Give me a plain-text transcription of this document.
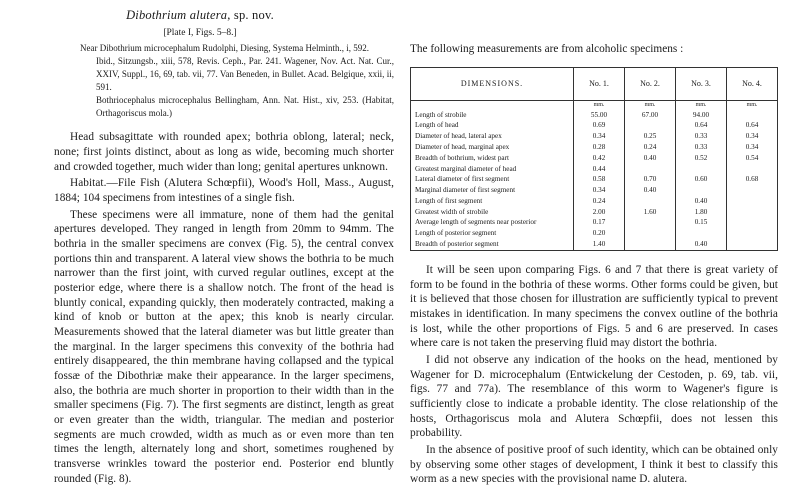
Dibothrium alutera, sp. nov.
[Plate I, Figs. 5–8.]
Near Dibothrium microcephalum Rudolphi, Diesing, Systema Helminth., i, 592.
Ibid., Sitzungsb., xiii, 578, Revis. Ceph., Par. 241. Wagener, Nov. Act. Nat. Cur., XXIV, Suppl., 16, 69, tab. vii, 77. Van Beneden, in Bullet. Acad. Belgique, xxii, ii, 591.
Bothriocephalus microcephalus Bellingham, Ann. Nat. Hist., xiv, 253. (Habitat, Orthagoriscus mola.)

Head subsagittate with rounded apex; bothria oblong, lateral; neck, none; first joints distinct, about as long as wide, becoming much shorter and crowded together, much wider than long; genital apertures unknown.

Habitat.—File Fish (Alutera Schœpfii), Wood's Holl, Mass., August, 1884; 104 specimens from intestines of a single fish.

These specimens were all immature, none of them had the genital apertures developed. They ranged in length from 20mm to 94mm. The bothria in the smaller specimens are convex (Fig. 5), the central convex portions thin and transparent. A lateral view shows the bothria to be much narrower than the first joint, with curved regular outlines, except at the posterior edge, where there is a shallow notch. The front of the head is bluntly conical, expanding quickly, then moderately contracted, making a kind of knob or button at the apex; this knob is nearly circular. Measurements showed that the lateral diameter was but little greater than the marginal. In the larger specimens this convexity of the bothria had entirely disappeared, the thin membrane having collapsed and the typical fossæ of the Dibothriæ make their appearance. In the larger specimens, also, the bothria are much shorter in proportion to their width than in the smaller specimens (Fig. 7). The first segments are distinct, length as great or even greater than the width, triangular. The median and posterior segments are much crowded, width as much as or even more than ten times the length, alternately long and short, sometimes roughened by transverse wrinkles toward the posterior end. Posterior end bluntly rounded (Fig. 8).

The following measurements are from alcoholic specimens :

DIMENSIONS.	No. 1.	No. 2.	No. 3.	No. 4.
	mm.	mm.	mm.	mm.
Length of strobile	55.00	67.00	94.00	
Length of head	0.69		0.64	0.64
Diameter of head, lateral apex	0.34	0.25	0.33	0.34
Diameter of head, marginal apex	0.28	0.24	0.33	0.34
Breadth of bothrium, widest part	0.42	0.40	0.52	0.54
Greatest marginal diameter of head	0.44			
Lateral diameter of first segment	0.58	0.70	0.60	0.68
Marginal diameter of first segment	0.34	0.40		
Length of first segment	0.24		0.40	
Greatest width of strobile	2.00	1.60	1.80	
Average length of segments near posterior	0.17		0.15	
Length of posterior segment	0.20			
Breadth of posterior segment	1.40		0.40	

It will be seen upon comparing Figs. 6 and 7 that there is great variety of form to be found in the bothria of these worms. Other forms could be given, but it is believed that those chosen for illustration are sufficiently typical to prevent mistakes in identification. In many specimens the convex outline of the bothria is lost, while the other proportions of Figs. 5 and 6 are preserved. In cases where care is not taken the preserving fluid may distort the bothria.

I did not observe any indication of the hooks on the head, mentioned by Wagener for D. microcephalum (Entwickelung der Cestoden, p. 69, tab. vii, figs. 77 and 77a). The resemblance of this worm to Wagener's figure is sufficiently close to indicate a probable identity. The close relationship of the hosts, Orthagoriscus mola and Alutera Schœpfii, does not lessen this probability.

In the absence of positive proof of such identity, which can be obtained only by observing some other stages of development, I think it best to classify this worm as a new species with the provisional name D. alutera.
